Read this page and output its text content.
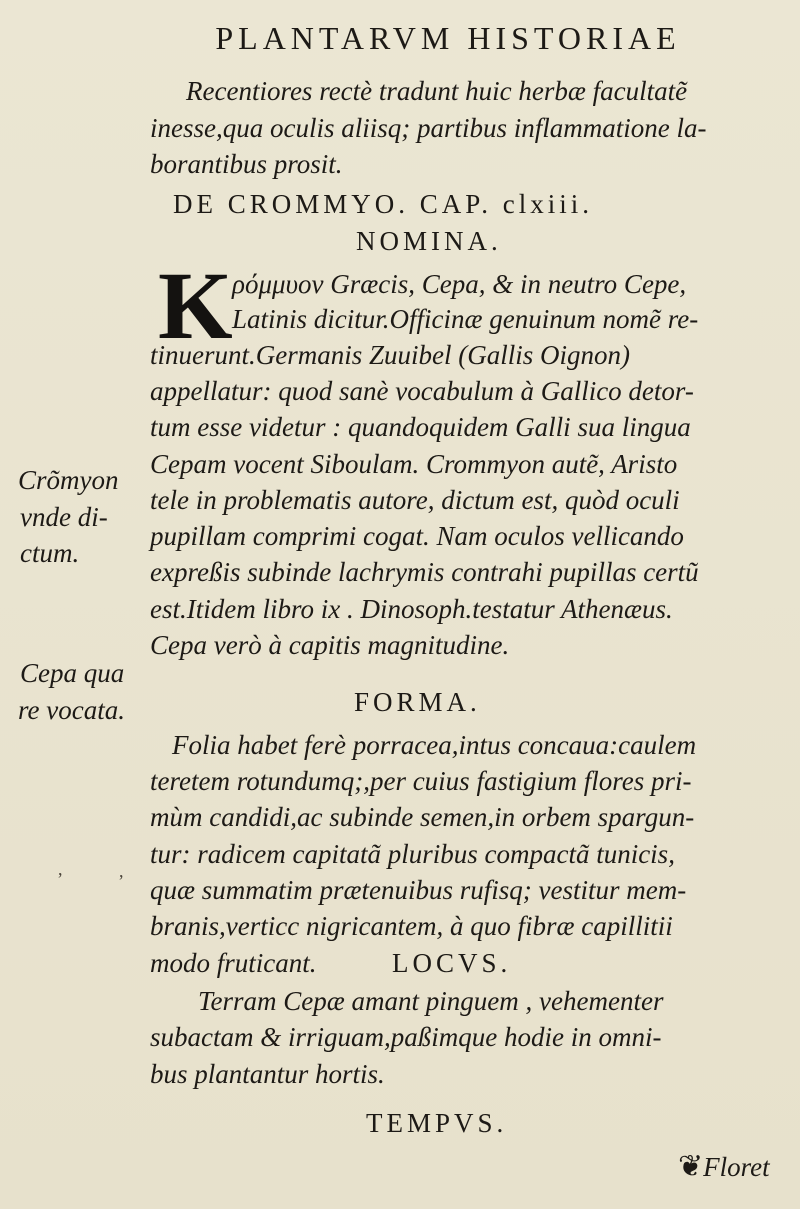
PLANTARVM HISTORIAE
Recentiores rectè tradunt huic herbæ facultatẽ
inesse,qua oculis aliisq; partibus inflammatione la-
borantibus prosit.
DE CROMMYO. CAP. clxiii.
NOMINA.
K ρόμμυον Græcis, Cepa, & in neutro Cepe,
Latinis dicitur.Officinæ genuinum nomẽ re-
tinuerunt.Germanis Zuuibel (Gallis Oignon)
appellatur: quod sanè vocabulum à Gallico detor-
tum esse videtur : quandoquidem Galli sua lingua
Cepam vocent Siboulam. Crommyon autẽ, Aristo
tele in problematis autore, dictum est, quòd oculi
pupillam comprimi cogat. Nam oculos vellicando
expreßis subinde lachrymis contrahi pupillas certũ
est.Itidem libro ix . Dinosoph.testatur Athenæus.
Cepa verò à capitis magnitudine.
FORMA.
Folia habet ferè porracea,intus concaua:caulem
teretem rotundumq;,per cuius fastigium flores pri-
mùm candidi,ac subinde semen,in orbem spargun-
tur: radicem capitatã pluribus compactã tunicis,
quæ summatim prætenuibus rufisq; vestitur mem-
branis,verticc nigricantem, à quo fibræ capillitii
modo fruticant.	LOCVS.
Terram Cepæ amant pinguem , vehementer
subactam & irriguam,paßimque hodie in omni-
bus plantantur hortis.
TEMPVS.
❦Floret
Crõmyon
vnde di-
ctum.
Cepa qua
re vocata.
,	,
